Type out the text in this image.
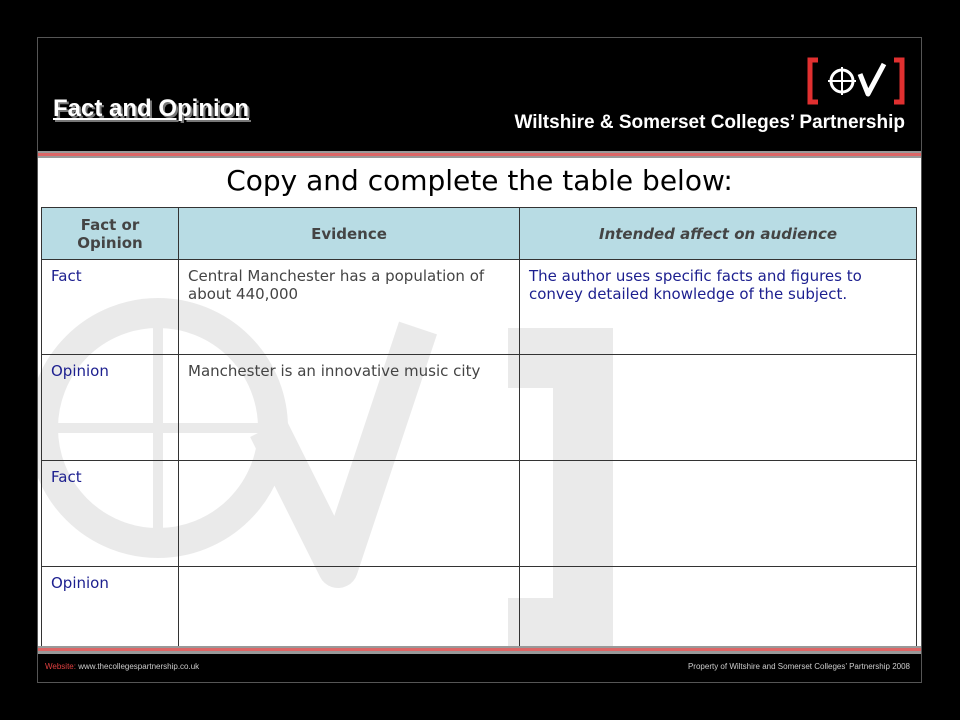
Fact and Opinion
Wiltshire & Somerset Colleges’ Partnership
Copy and complete the table below:
Fact or Opinion	Evidence	Intended affect on audience
Fact	Central Manchester has a population of about 440,000	The author uses specific facts and figures to convey detailed knowledge of the subject.
Opinion	Manchester is an innovative music city	
Fact		
Opinion		
Website: www.thecollegespartnership.co.uk	Property of Wiltshire and Somerset Colleges’ Partnership 2008
